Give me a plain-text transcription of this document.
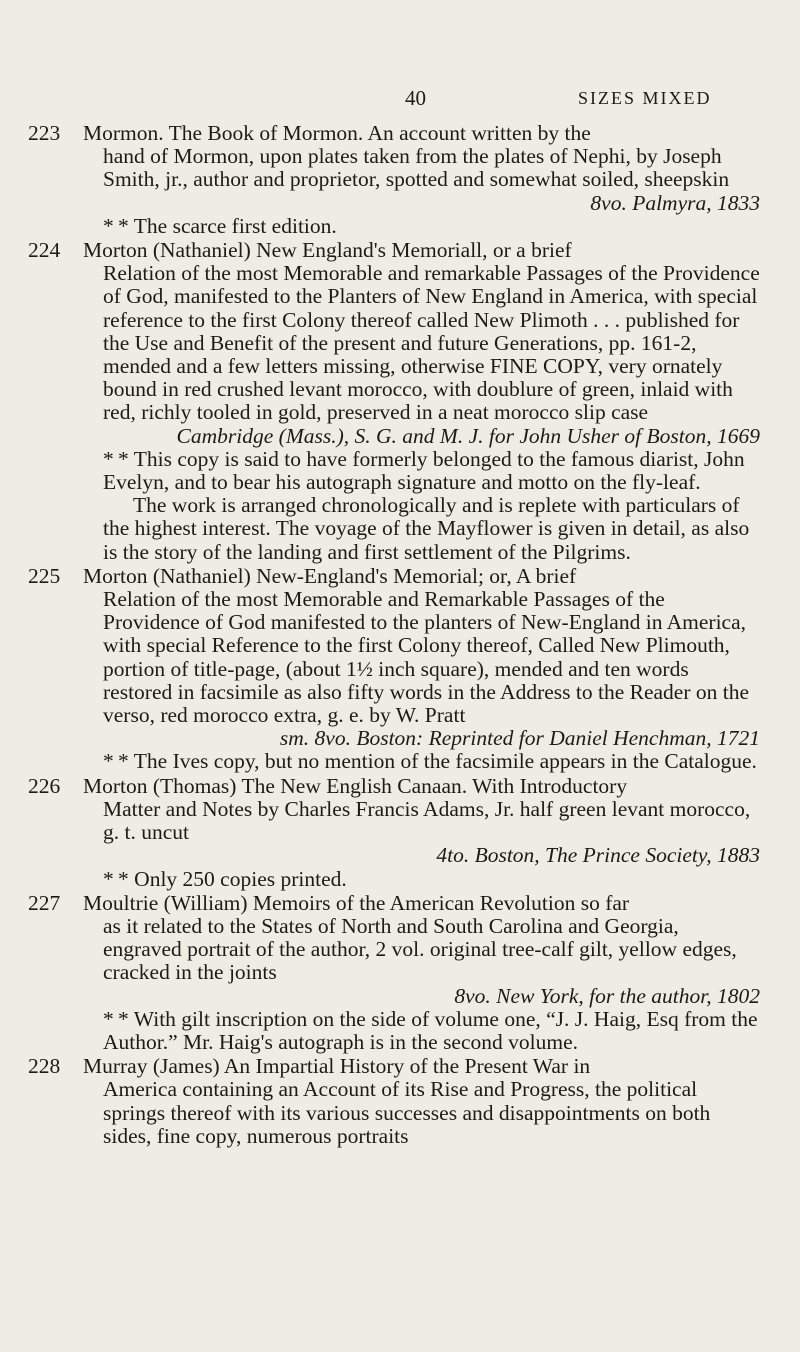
40	SIZES MIXED
223	Mormon. The Book of Mormon. An account written by the
hand of Mormon, upon plates taken from the plates of Nephi, by Joseph Smith, jr., author and proprietor, spotted and somewhat soiled, sheepskin
8vo. Palmyra, 1833
* * The scarce first edition.
224	Morton (Nathaniel) New England's Memoriall, or a brief
Relation of the most Memorable and remarkable Passages of the Providence of God, manifested to the Planters of New England in America, with special reference to the first Colony thereof called New Plimoth . . . published for the Use and Benefit of the present and future Generations, pp. 161-2, mended and a few letters missing, otherwise FINE COPY, very ornately bound in red crushed levant morocco, with doublure of green, inlaid with red, richly tooled in gold, preserved in a neat morocco slip case
Cambridge (Mass.), S. G. and M. J. for John Usher of Boston, 1669
* * This copy is said to have formerly belonged to the famous diarist, John Evelyn, and to bear his autograph signature and motto on the fly-leaf.
The work is arranged chronologically and is replete with particulars of the highest interest. The voyage of the Mayflower is given in detail, as also is the story of the landing and first settlement of the Pilgrims.
225	Morton (Nathaniel) New-England's Memorial; or, A brief
Relation of the most Memorable and Remarkable Passages of the Providence of God manifested to the planters of New-England in America, with special Reference to the first Colony thereof, Called New Plimouth, portion of title-page, (about 1½ inch square), mended and ten words restored in facsimile as also fifty words in the Address to the Reader on the verso, red morocco extra, g. e. by W. Pratt
sm. 8vo. Boston: Reprinted for Daniel Henchman, 1721
* * The Ives copy, but no mention of the facsimile appears in the Catalogue.
226	Morton (Thomas) The New English Canaan. With Introductory
Matter and Notes by Charles Francis Adams, Jr. half green levant morocco, g. t. uncut
4to. Boston, The Prince Society, 1883
* * Only 250 copies printed.
227	Moultrie (William) Memoirs of the American Revolution so far
as it related to the States of North and South Carolina and Georgia, engraved portrait of the author, 2 vol. original tree-calf gilt, yellow edges, cracked in the joints
8vo. New York, for the author, 1802
* * With gilt inscription on the side of volume one, “J. J. Haig, Esq from the Author.” Mr. Haig's autograph is in the second volume.
228	Murray (James) An Impartial History of the Present War in
America containing an Account of its Rise and Progress, the political springs thereof with its various successes and disappointments on both sides, fine copy, numerous portraits
